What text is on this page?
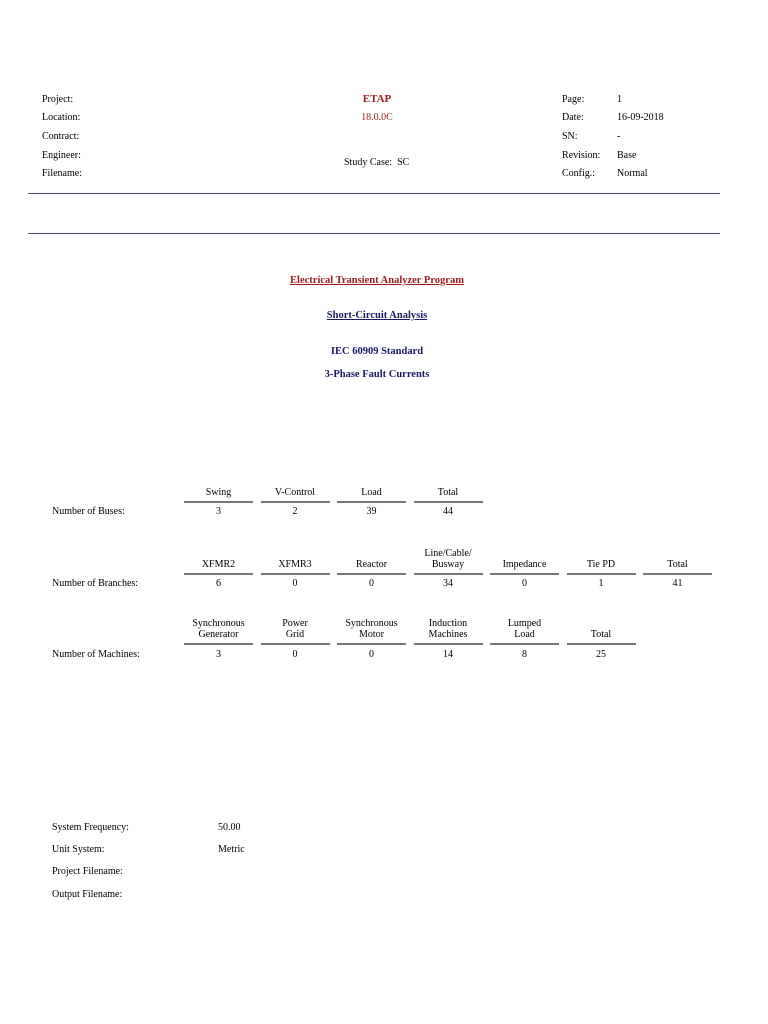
Project:
Location:
Contract:
Engineer:
Filename:
ETAP
18.0.0C
Study Case: SC
Page:
Date:
SN:
Revision:
Config.:
1
16-09-2018
-
Base
Normal
Electrical Transient Analyzer Program
Short-Circuit Analysis
IEC 60909 Standard
3-Phase Fault Currents
Number of Buses:
Swing
3
V-Control
2
Load
39
Total
44
Number of Branches:
XFMR2
6
XFMR3
0
Reactor
0
Line/Cable/
Busway
34
Impedance
0
Tie PD
1
Total
41
Number of Machines:
Synchronous
Generator
3
Power
Grid
0
Synchronous
Motor
0
Induction
Machines
14
Lumped
Load
8
Total
25
System Frequency:	50.00
Unit System:	Metric
Project Filename:
Output Filename:
